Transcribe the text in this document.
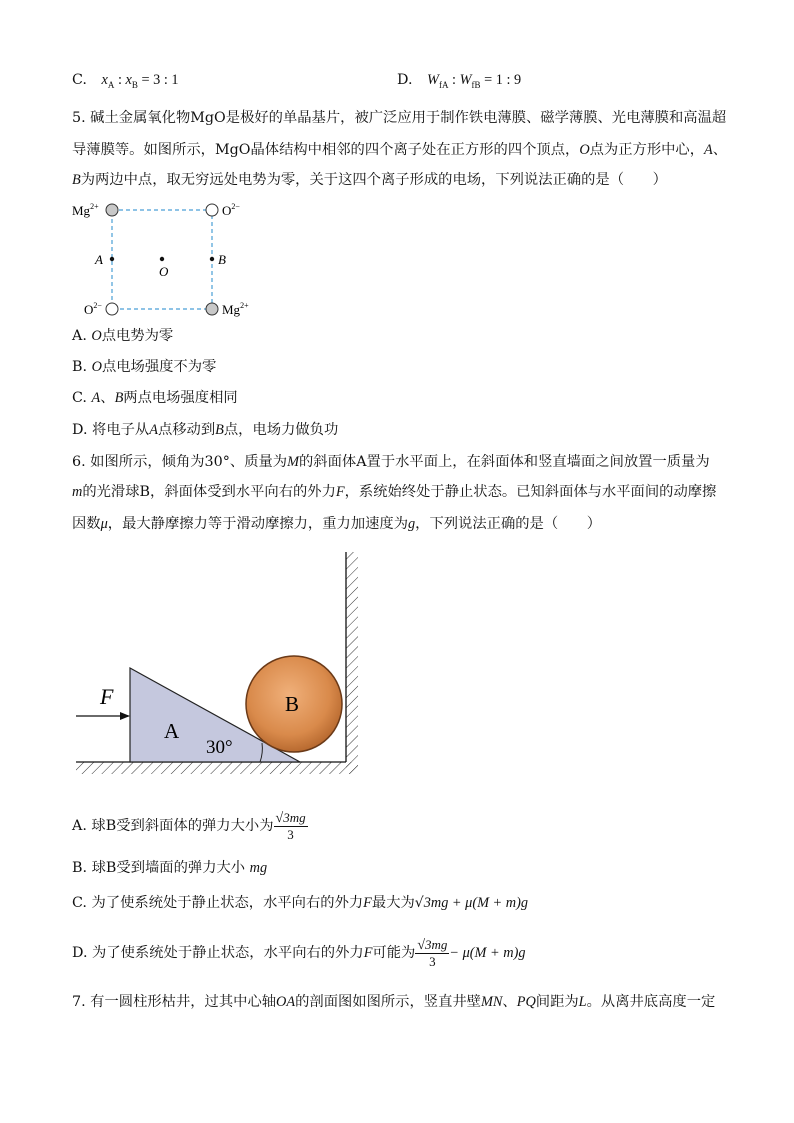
C. $x_A$ : $x_B = 3$ : 1	D. $W_{fA}$ : $W_{fB} = 1$ : 9
5. 碱土金属氧化物MgO是极好的单晶基片，被广泛应用于制作铁电薄膜、磁学薄膜、光电薄膜和高温超
导薄膜等。如图所示，MgO晶体结构中相邻的四个离子处在正方形的四个顶点，O点为正方形中心，A、
B为两边中点，取无穷远处电势为零，关于这四个离子形成的电场，下列说法正确的是（　　）
$Mg^{2+}$	$O^{2-}$
A
O
B
$O^{2-}$	$Mg^{2+}$
A. O点电势为零
B. O点电场强度不为零
C. A、B两点电场强度相同
D. 将电子从A点移动到B点，电场力做负功
6. 如图所示，倾角为30°、质量为M的斜面体A置于水平面上，在斜面体和竖直墙面之间放置一质量为
m的光滑球B，斜面体受到水平向右的外力F，系统始终处于静止状态。已知斜面体与水平面间的动摩擦
因数μ，最大静摩擦力等于滑动摩擦力，重力加速度为g，下列说法正确的是（　　）
F
A
30°
B
A. 球B受到斜面体的弹力大小为 $\frac{√3mg}{3}$
B. 球B受到墙面的弹力大小 mg
C. 为了使系统处于静止状态，水平向右的外力F最大为√3mg + μ(M + m)g
D. 为了使系统处于静止状态，水平向右的外力F可能为 $\frac{√3mg}{3} - \mu(M + m)g$
7. 有一圆柱形枯井，过其中心轴OA的剖面图如图所示，竖直井壁MN、PQ间距为L。从离井底高度一定
